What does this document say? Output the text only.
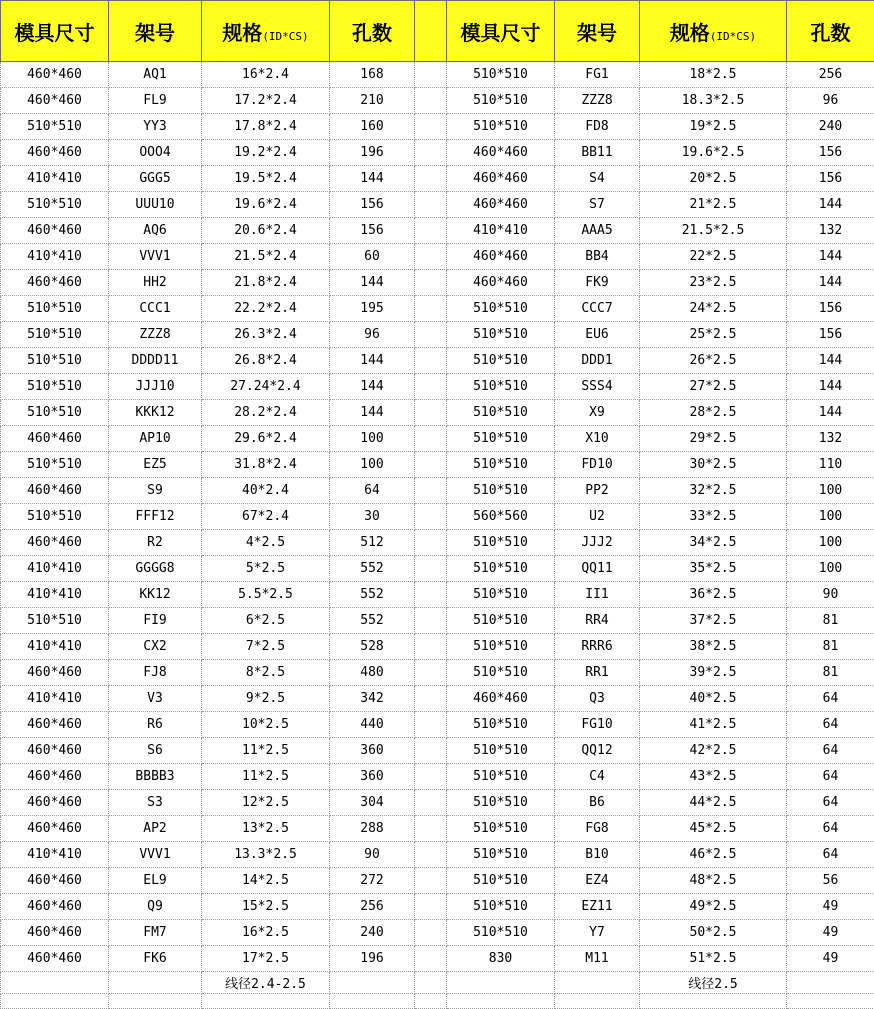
模具尺寸	架号	规格(ID*CS)	孔数		模具尺寸	架号	规格(ID*CS)	孔数
460*460	AQ1	16*2.4	168		510*510	FG1	18*2.5	256
460*460	FL9	17.2*2.4	210		510*510	ZZZ8	18.3*2.5	96
510*510	YY3	17.8*2.4	160		510*510	FD8	19*2.5	240
460*460	OOO4	19.2*2.4	196		460*460	BB11	19.6*2.5	156
410*410	GGG5	19.5*2.4	144		460*460	S4	20*2.5	156
510*510	UUU10	19.6*2.4	156		460*460	S7	21*2.5	144
460*460	AQ6	20.6*2.4	156		410*410	AAA5	21.5*2.5	132
410*410	VVV1	21.5*2.4	60		460*460	BB4	22*2.5	144
460*460	HH2	21.8*2.4	144		460*460	FK9	23*2.5	144
510*510	CCC1	22.2*2.4	195		510*510	CCC7	24*2.5	156
510*510	ZZZ8	26.3*2.4	96		510*510	EU6	25*2.5	156
510*510	DDDD11	26.8*2.4	144		510*510	DDD1	26*2.5	144
510*510	JJJ10	27.24*2.4	144		510*510	SSS4	27*2.5	144
510*510	KKK12	28.2*2.4	144		510*510	X9	28*2.5	144
460*460	AP10	29.6*2.4	100		510*510	X10	29*2.5	132
510*510	EZ5	31.8*2.4	100		510*510	FD10	30*2.5	110
460*460	S9	40*2.4	64		510*510	PP2	32*2.5	100
510*510	FFF12	67*2.4	30		560*560	U2	33*2.5	100
460*460	R2	4*2.5	512		510*510	JJJ2	34*2.5	100
410*410	GGGG8	5*2.5	552		510*510	QQ11	35*2.5	100
410*410	KK12	5.5*2.5	552		510*510	II1	36*2.5	90
510*510	FI9	6*2.5	552		510*510	RR4	37*2.5	81
410*410	CX2	7*2.5	528		510*510	RRR6	38*2.5	81
460*460	FJ8	8*2.5	480		510*510	RR1	39*2.5	81
410*410	V3	9*2.5	342		460*460	Q3	40*2.5	64
460*460	R6	10*2.5	440		510*510	FG10	41*2.5	64
460*460	S6	11*2.5	360		510*510	QQ12	42*2.5	64
460*460	BBBB3	11*2.5	360		510*510	C4	43*2.5	64
460*460	S3	12*2.5	304		510*510	B6	44*2.5	64
460*460	AP2	13*2.5	288		510*510	FG8	45*2.5	64
410*410	VVV1	13.3*2.5	90		510*510	B10	46*2.5	64
460*460	EL9	14*2.5	272		510*510	EZ4	48*2.5	56
460*460	Q9	15*2.5	256		510*510	EZ11	49*2.5	49
460*460	FM7	16*2.5	240		510*510	Y7	50*2.5	49
460*460	FK6	17*2.5	196		830	M11	51*2.5	49
		线径2.4-2.5					线径2.5	
